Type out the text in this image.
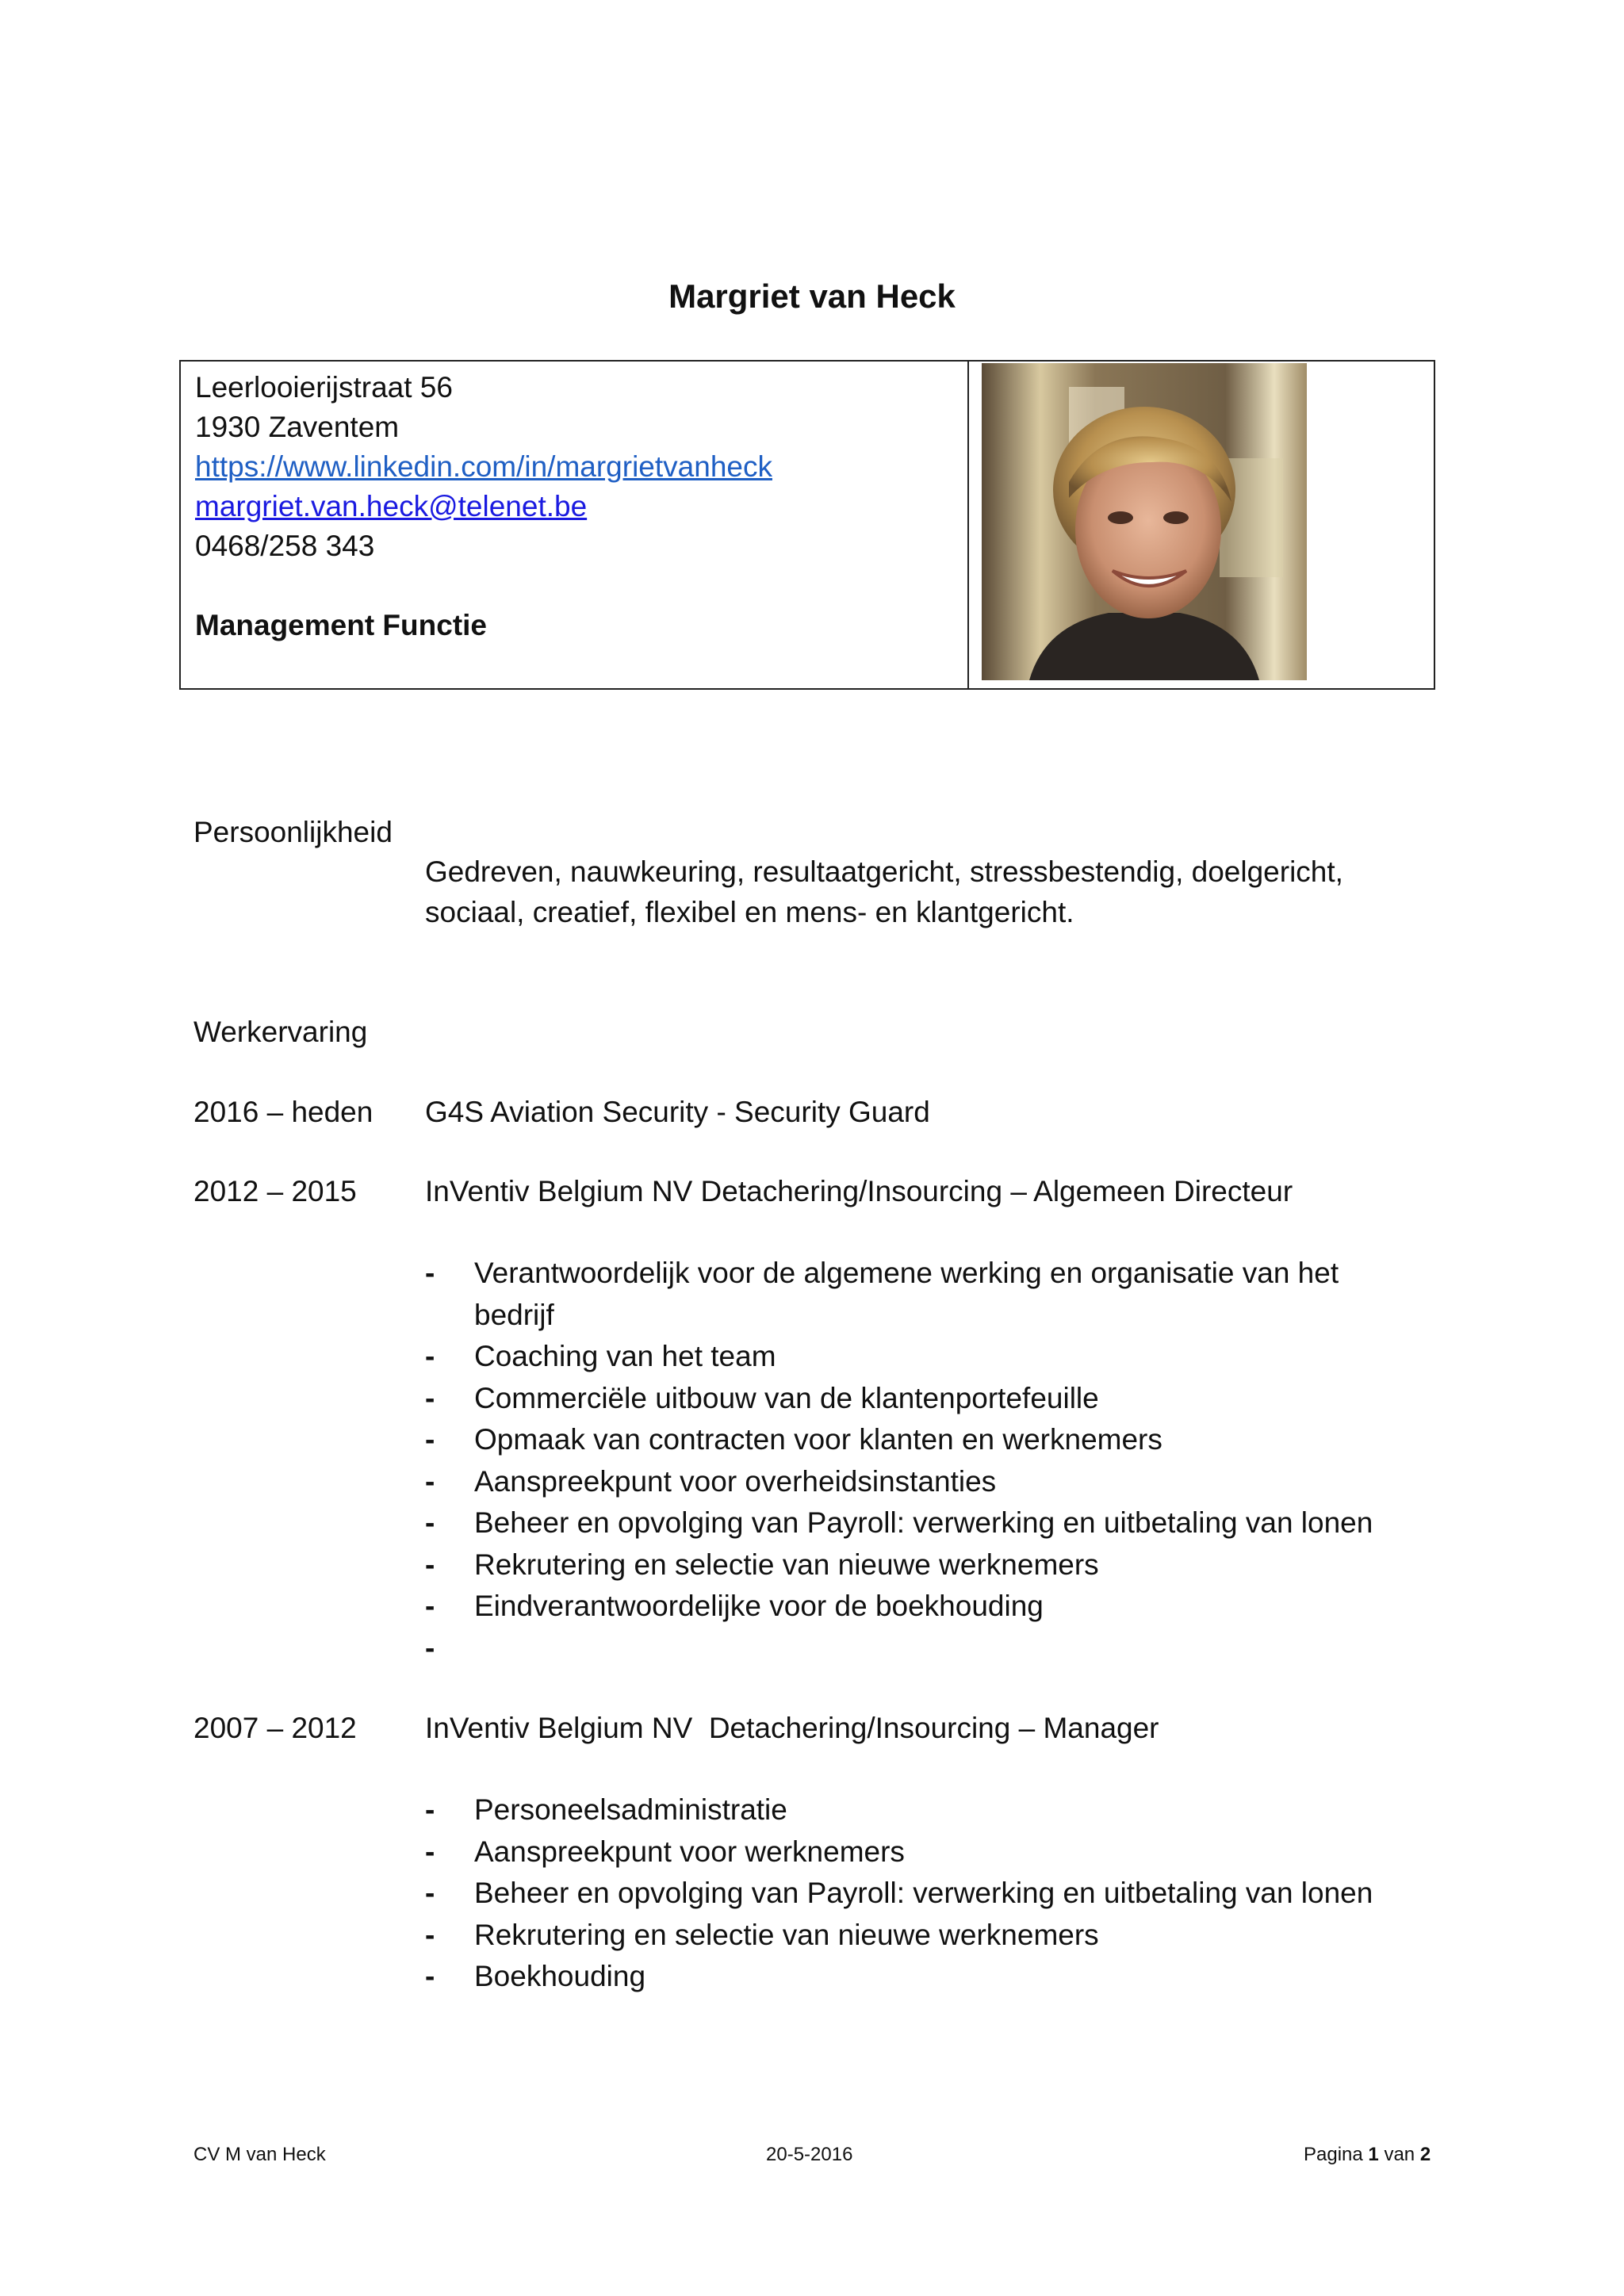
Margriet van Heck
Leerlooierijstraat 56
1930 Zaventem
https://www.linkedin.com/in/margrietvanheck
margriet.van.heck@telenet.be
0468/258 343
Management Functie
Persoonlijkheid
Gedreven, nauwkeuring, resultaatgericht, stressbestendig, doelgericht,
sociaal, creatief, flexibel en mens- en klantgericht.
Werkervaring
2016 – heden G4S Aviation Security - Security Guard
2012 – 2015 InVentiv Belgium NV Detachering/Insourcing – Algemeen Directeur
- Verantwoordelijk voor de algemene werking en organisatie van het bedrijf
- Coaching van het team
- Commerciële uitbouw van de klantenportefeuille
- Opmaak van contracten voor klanten en werknemers
- Aanspreekpunt voor overheidsinstanties
- Beheer en opvolging van Payroll: verwerking en uitbetaling van lonen
- Rekrutering en selectie van nieuwe werknemers
- Eindverantwoordelijke voor de boekhouding
-

2007 – 2012 InVentiv Belgium NV  Detachering/Insourcing – Manager
- Personeelsadministratie
- Aanspreekpunt voor werknemers
- Beheer en opvolging van Payroll: verwerking en uitbetaling van lonen
- Rekrutering en selectie van nieuwe werknemers
- Boekhouding
CV M van Heck	20-5-2016	Pagina 1 van 2
